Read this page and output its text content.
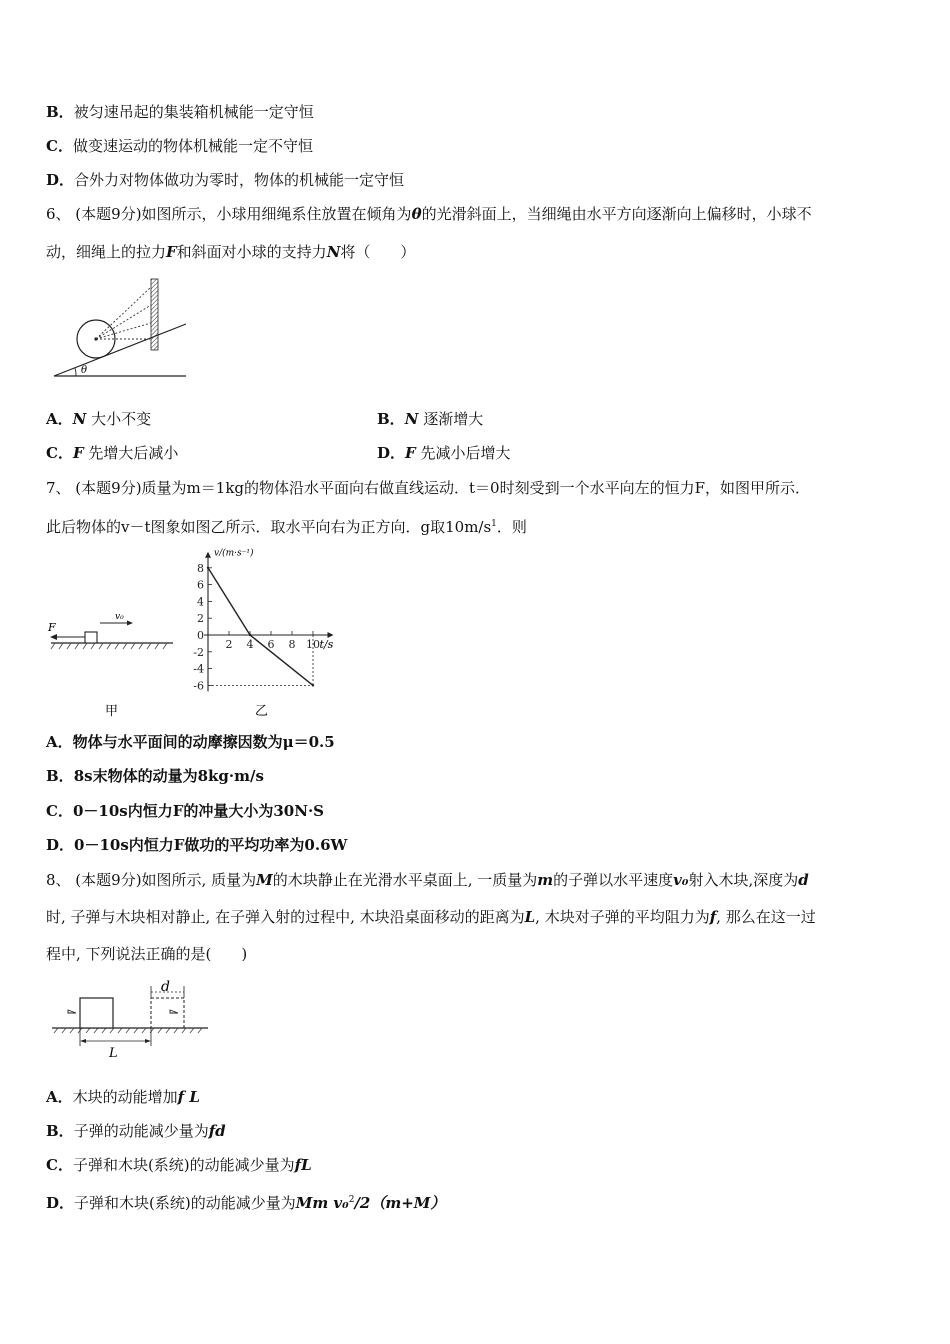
B．被匀速吊起的集装箱机械能一定守恒
C．做变速运动的物体机械能一定不守恒
D．合外力对物体做功为零时，物体的机械能一定守恒
6、 (本题9分)如图所示，小球用细绳系住放置在倾角为θ的光滑斜面上，当细绳由水平方向逐渐向上偏移时，小球不
动，细绳上的拉力F和斜面对小球的支持力N将（　　）
θ
A．N 大小不变	B．N 逐渐增大
C．F 先增大后减小	D．F 先减小后增大
7、 (本题9分)质量为m＝1kg的物体沿水平面向右做直线运动．t＝0时刻受到一个水平向左的恒力F，如图甲所示．
此后物体的v－t图象如图乙所示．取水平向右为正方向．g取$10m/s^1$．则
F
v₀
甲
8
6
4
2
0
-2
-4
-6
2 4 6 8 10
v/(m·s⁻¹)
t/s
乙
A．物体与水平面间的动摩擦因数为μ＝0.5
B．8s末物体的动量为8kg·m/s
C．0－10s内恒力F的冲量大小为30N·S
D．0－10s内恒力F做功的平均功率为0.6W
8、 (本题9分)如图所示, 质量为M的木块静止在光滑水平桌面上, 一质量为m的子弹以水平速度v₀射入木块,深度为d
时, 子弹与木块相对静止, 在子弹入射的过程中, 木块沿桌面移动的距离为L, 木块对子弹的平均阻力为f, 那么在这一过
程中, 下列说法正确的是(　　)
d
L
A．木块的动能增加f L
B．子弹的动能减少量为fd
C．子弹和木块(系统)的动能减少量为fL
D．子弹和木块(系统)的动能减少量为Mm v₀$^2$/2（m+M）
